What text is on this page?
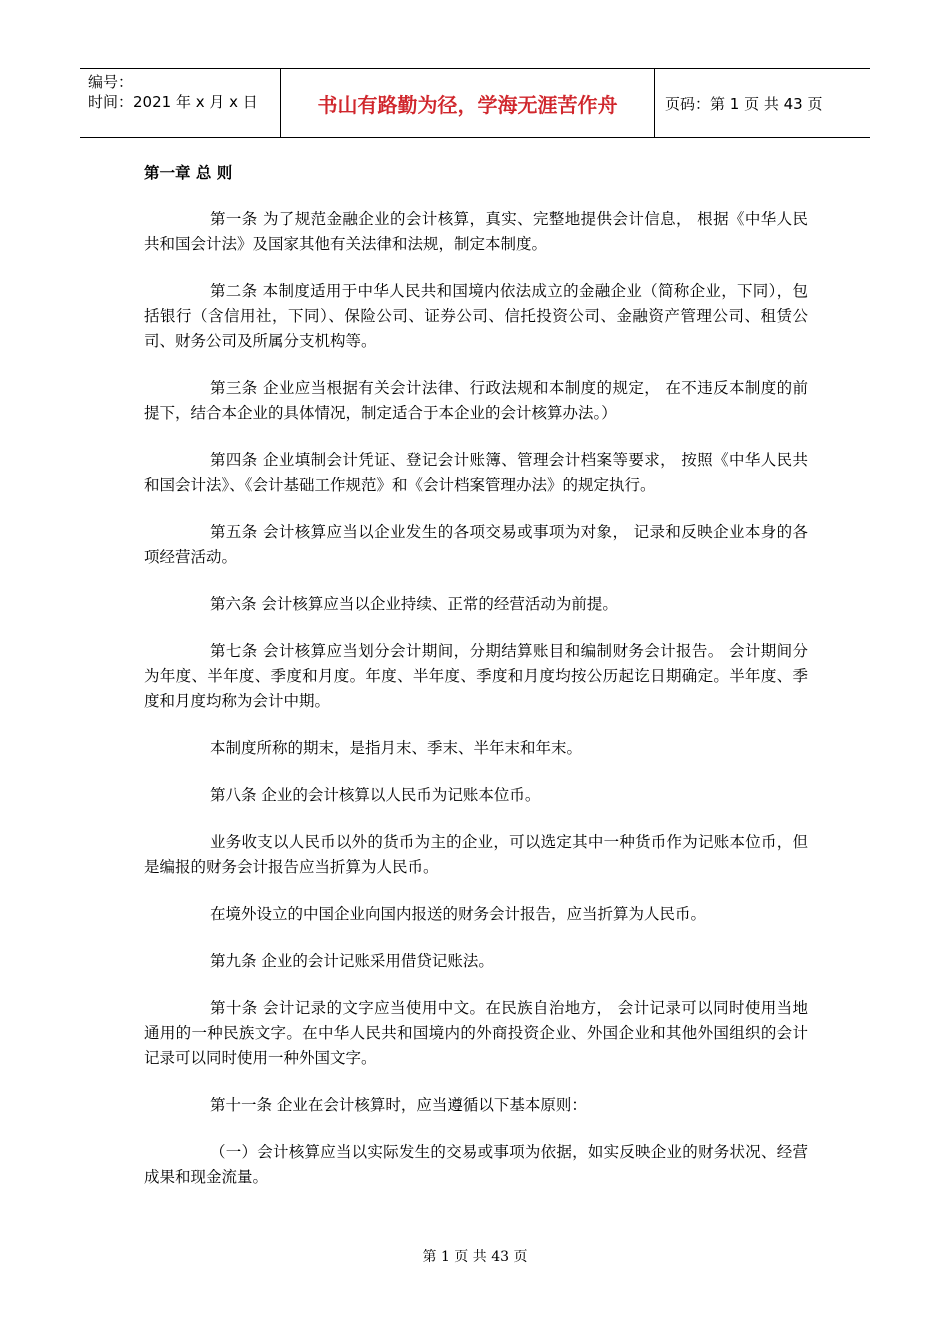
编号：
时间：2021 年 x 月 x 日	书山有路勤为径，学海无涯苦作舟	页码：第 1 页 共 43 页
第一章 总 则

第一条 为了规范金融企业的会计核算，真实、完整地提供会计信息， 根据《中华人民共和国会计法》及国家其他有关法律和法规，制定本制度。

第二条 本制度适用于中华人民共和国境内依法成立的金融企业（简称企业，下同），包括银行（含信用社，下同）、保险公司、证券公司、信托投资公司、金融资产管理公司、租赁公司、财务公司及所属分支机构等。

第三条 企业应当根据有关会计法律、行政法规和本制度的规定， 在不违反本制度的前提下，结合本企业的具体情况，制定适合于本企业的会计核算办法。）

第四条 企业填制会计凭证、登记会计账簿、管理会计档案等要求， 按照《中华人民共和国会计法》、《会计基础工作规范》和《会计档案管理办法》的规定执行。

第五条 会计核算应当以企业发生的各项交易或事项为对象， 记录和反映企业本身的各项经营活动。

第六条 会计核算应当以企业持续、正常的经营活动为前提。

第七条 会计核算应当划分会计期间，分期结算账目和编制财务会计报告。 会计期间分为年度、半年度、季度和月度。年度、半年度、季度和月度均按公历起讫日期确定。半年度、季度和月度均称为会计中期。

本制度所称的期末，是指月末、季末、半年末和年末。

第八条 企业的会计核算以人民币为记账本位币。

业务收支以人民币以外的货币为主的企业，可以选定其中一种货币作为记账本位币，但是编报的财务会计报告应当折算为人民币。

在境外设立的中国企业向国内报送的财务会计报告，应当折算为人民币。

第九条 企业的会计记账采用借贷记账法。

第十条 会计记录的文字应当使用中文。在民族自治地方， 会计记录可以同时使用当地通用的一种民族文字。在中华人民共和国境内的外商投资企业、外国企业和其他外国组织的会计记录可以同时使用一种外国文字。

第十一条 企业在会计核算时，应当遵循以下基本原则：

（一）会计核算应当以实际发生的交易或事项为依据，如实反映企业的财务状况、经营成果和现金流量。

第 1 页 共 43 页
